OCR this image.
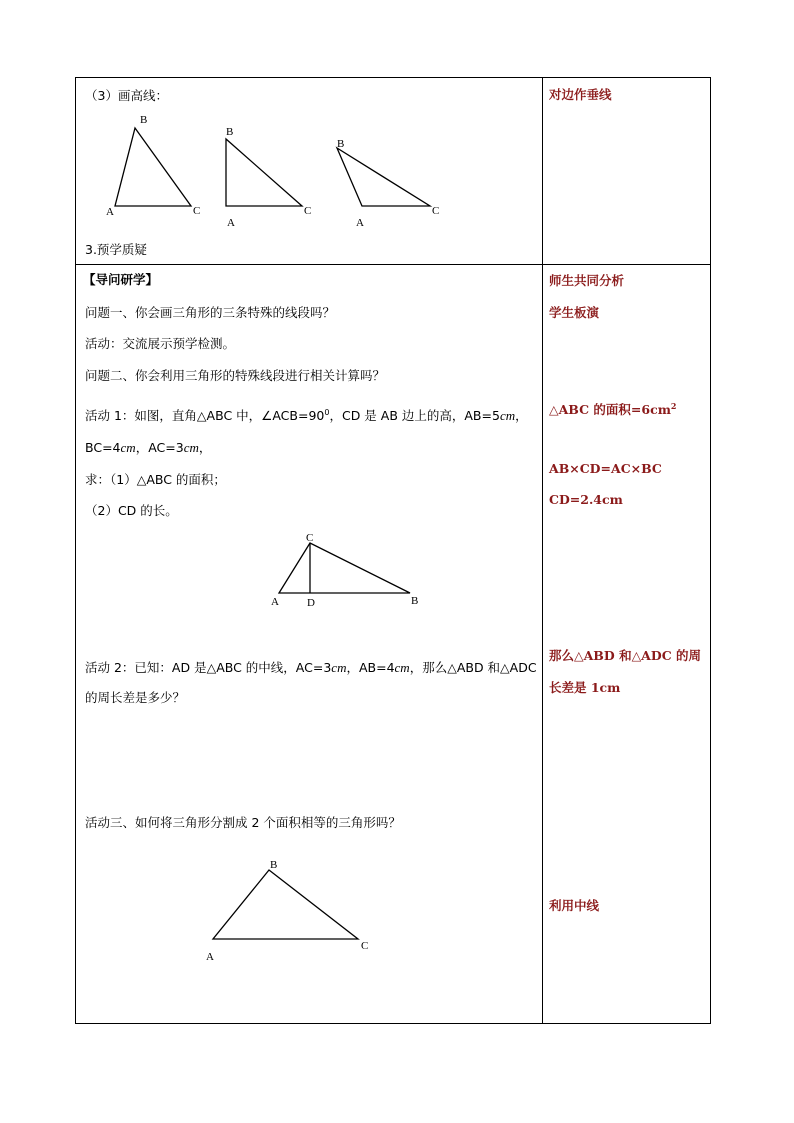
（3）画高线：
B
A	C
B
A
C
B
A
C
3.预学质疑
对边作垂线
【导问研学】
问题一、你会画三角形的三条特殊的线段吗？
活动：交流展示预学检测。
问题二、你会利用三角形的特殊线段进行相关计算吗？
活动 1：如图，直角△ABC 中，$\angle ACB=90^0$，CD 是 AB 边上的高，AB=5cm，
BC=4cm，AC=3cm，
求：（1）△ABC 的面积；
（2）CD 的长。
C
A	D	B
活动 2：已知：AD 是△ABC 的中线，AC=3cm，AB=4cm，那么△ABD 和△ADC
的周长差是多少？
活动三、如何将三角形分割成 2 个面积相等的三角形吗？
B
A
C
师生共同分析
学生板演
△ABC 的面积$=6cm^2$
AB×CD=AC×BC
CD=2.4cm
那么△ABD 和△ADC 的周
长差是 1cm
利用中线
